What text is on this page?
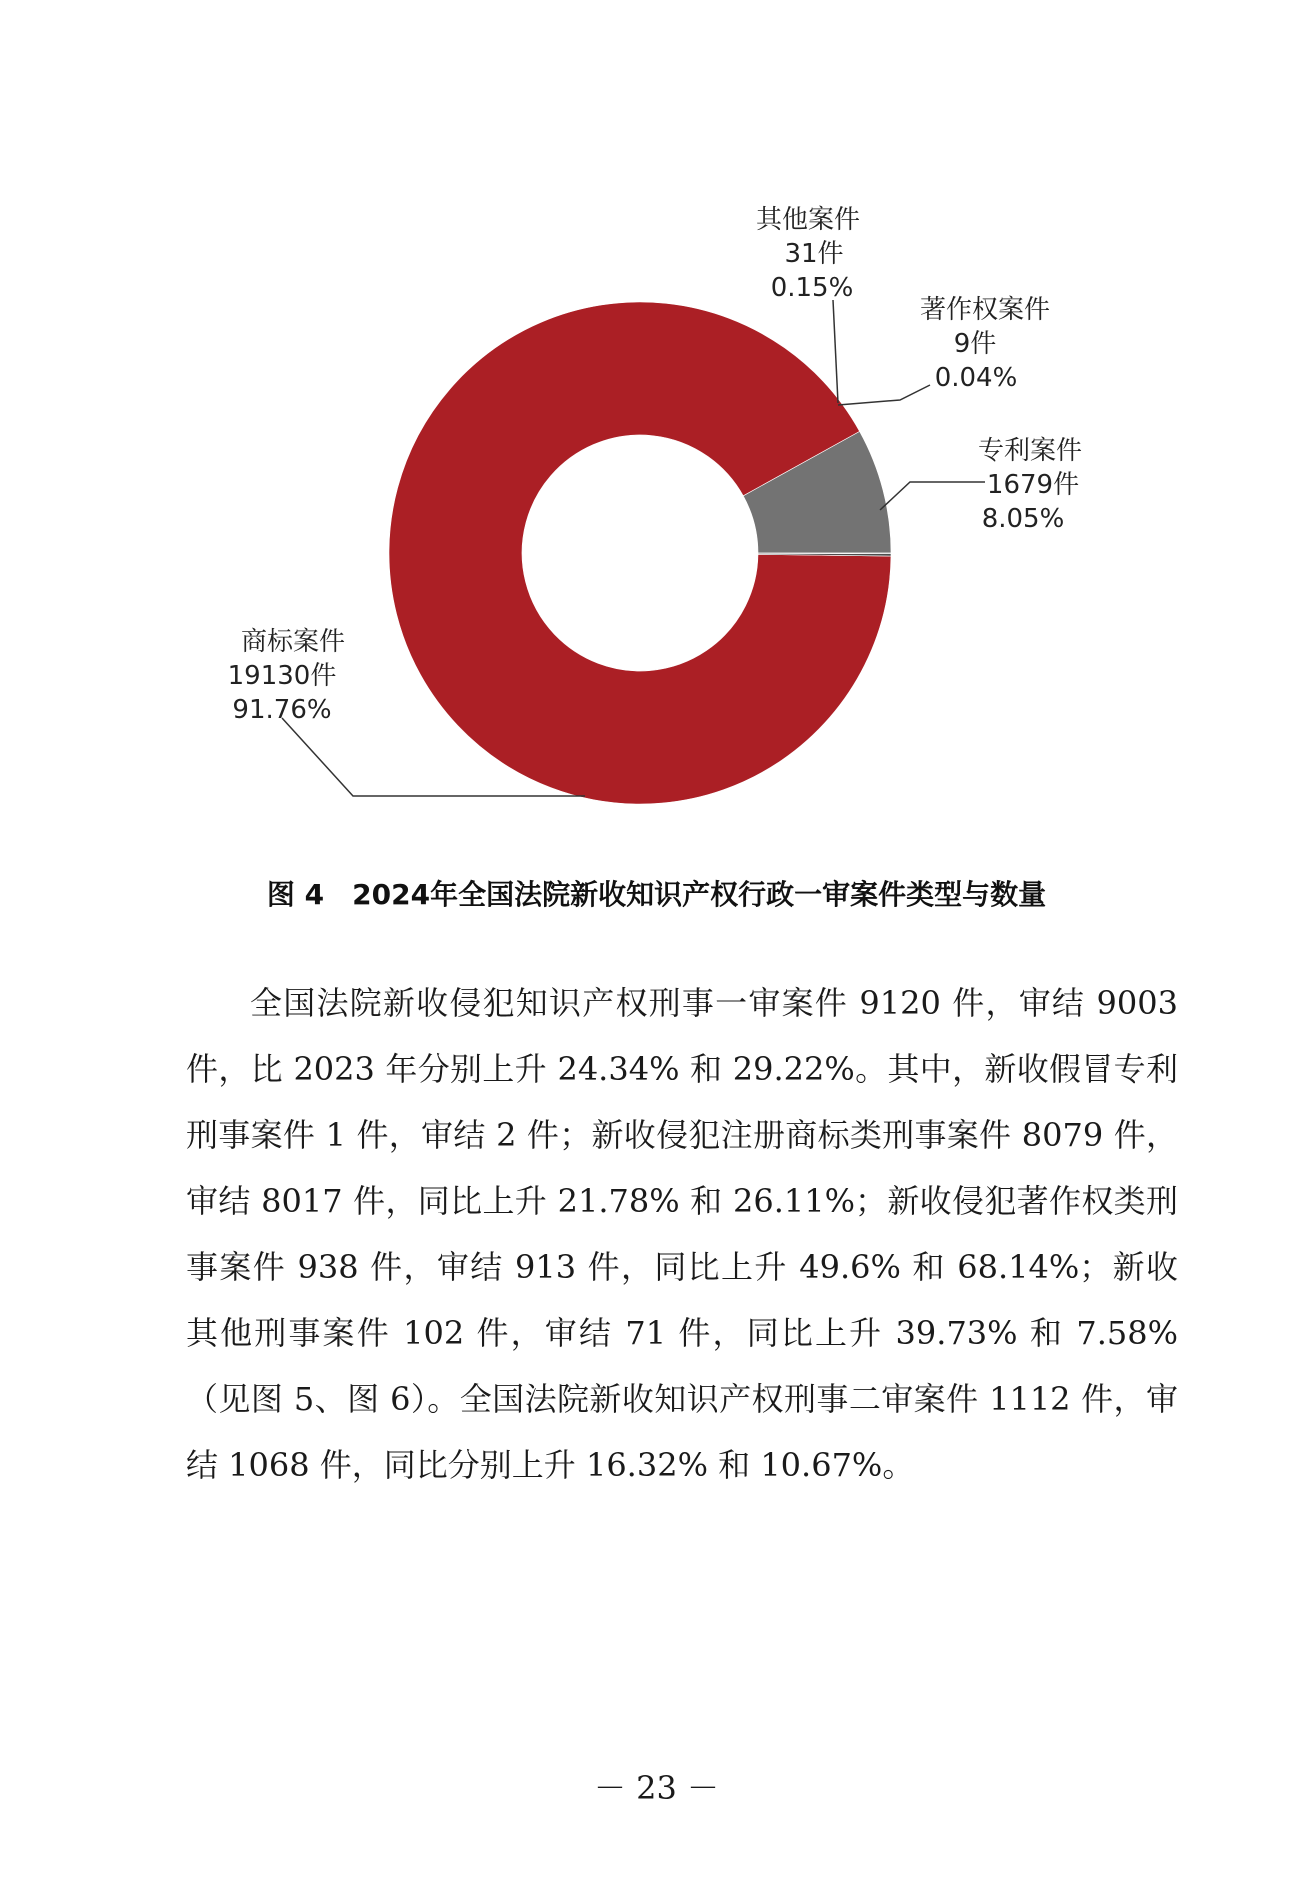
其他案件
31件
0.15%
著作权案件
9件
0.04%
专利案件
1679件
8.05%
商标案件
19130件
91.76%

图 4　2024年全国法院新收知识产权行政一审案件类型与数量

全国法院新收侵犯知识产权刑事一审案件 9120 件，审结 9003 件，比 2023 年分别上升 24.34% 和 29.22%。其中，新收假冒专利刑事案件 1 件，审结 2 件；新收侵犯注册商标类刑事案件 8079 件，审结 8017 件，同比上升 21.78% 和 26.11%；新收侵犯著作权类刑事案件 938 件，审结 913 件，同比上升 49.6% 和 68.14%；新收其他刑事案件 102 件，审结 71 件，同比上升 39.73% 和 7.58%（见图 5、图 6）。全国法院新收知识产权刑事二审案件 1112 件，审结 1068 件，同比分别上升 16.32% 和 10.67%。

－ 23 －
